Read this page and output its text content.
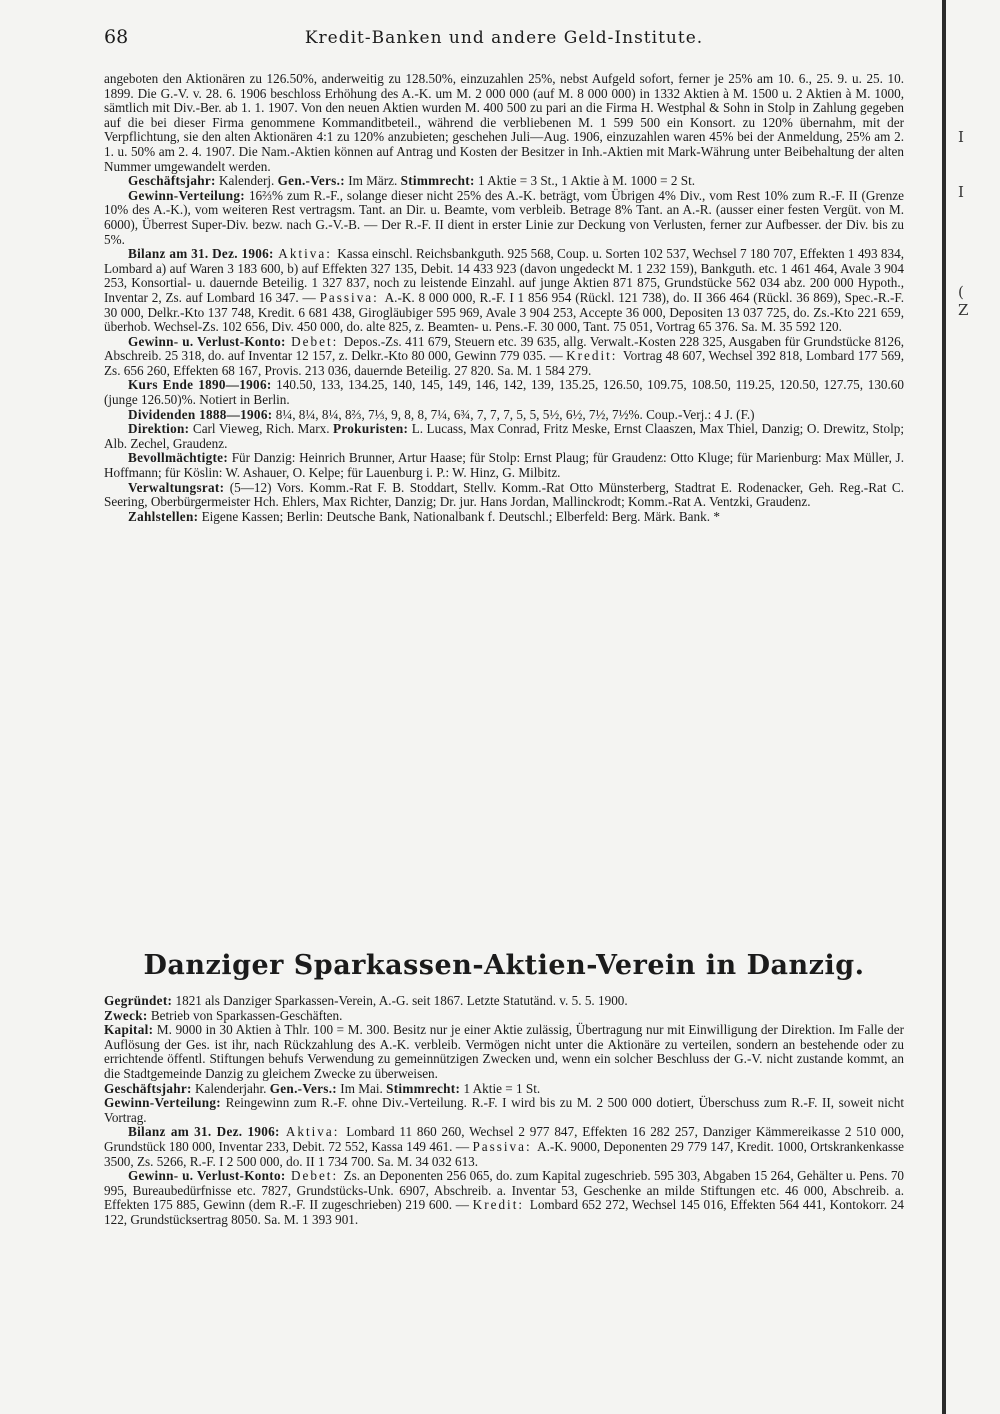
68	Kredit-Banken und andere Geld-Institute.
I
I
(
Z

angeboten den Aktionären zu 126.50%, anderweitig zu 128.50%, einzuzahlen 25%, nebst Aufgeld sofort, ferner je 25% am 10. 6., 25. 9. u. 25. 10. 1899. Die G.-V. v. 28. 6. 1906 beschloss Erhöhung des A.-K. um M. 2 000 000 (auf M. 8 000 000) in 1332 Aktien à M. 1500 u. 2 Aktien à M. 1000, sämtlich mit Div.-Ber. ab 1. 1. 1907. Von den neuen Aktien wurden M. 400 500 zu pari an die Firma H. Westphal & Sohn in Stolp in Zahlung gegeben auf die bei dieser Firma genommene Kommanditbeteil., während die verbliebenen M. 1 599 500 ein Konsort. zu 120% übernahm, mit der Verpflichtung, sie den alten Aktionären 4:1 zu 120% anzubieten; geschehen Juli—Aug. 1906, einzuzahlen waren 45% bei der Anmeldung, 25% am 2. 1. u. 50% am 2. 4. 1907. Die Nam.-Aktien können auf Antrag und Kosten der Besitzer in Inh.-Aktien mit Mark-Währung unter Beibehaltung der alten Nummer umgewandelt werden.

Geschäftsjahr: Kalenderj. Gen.-Vers.: Im März. Stimmrecht: 1 Aktie = 3 St., 1 Aktie à M. 1000 = 2 St.

Gewinn-Verteilung: 16⅔% zum R.-F., solange dieser nicht 25% des A.-K. beträgt, vom Übrigen 4% Div., vom Rest 10% zum R.-F. II (Grenze 10% des A.-K.), vom weiteren Rest vertragsm. Tant. an Dir. u. Beamte, vom verbleib. Betrage 8% Tant. an A.-R. (ausser einer festen Vergüt. von M. 6000), Überrest Super-Div. bezw. nach G.-V.-B. — Der R.-F. II dient in erster Linie zur Deckung von Verlusten, ferner zur Aufbesser. der Div. bis zu 5%.

Bilanz am 31. Dez. 1906: Aktiva: Kassa einschl. Reichsbankguth. 925 568, Coup. u. Sorten 102 537, Wechsel 7 180 707, Effekten 1 493 834, Lombard a) auf Waren 3 183 600, b) auf Effekten 327 135, Debit. 14 433 923 (davon ungedeckt M. 1 232 159), Bankguth. etc. 1 461 464, Avale 3 904 253, Konsortial- u. dauernde Beteilig. 1 327 837, noch zu leistende Einzahl. auf junge Aktien 871 875, Grundstücke 562 034 abz. 200 000 Hypoth., Inventar 2, Zs. auf Lombard 16 347. — Passiva: A.-K. 8 000 000, R.-F. I 1 856 954 (Rückl. 121 738), do. II 366 464 (Rückl. 36 869), Spec.-R.-F. 30 000, Delkr.-Kto 137 748, Kredit. 6 681 438, Girogläubiger 595 969, Avale 3 904 253, Accepte 36 000, Depositen 13 037 725, do. Zs.-Kto 221 659, überhob. Wechsel-Zs. 102 656, Div. 450 000, do. alte 825, z. Beamten- u. Pens.-F. 30 000, Tant. 75 051, Vortrag 65 376. Sa. M. 35 592 120.

Gewinn- u. Verlust-Konto: Debet: Depos.-Zs. 411 679, Steuern etc. 39 635, allg. Verwalt.-Kosten 228 325, Ausgaben für Grundstücke 8126, Abschreib. 25 318, do. auf Inventar 12 157, z. Delkr.-Kto 80 000, Gewinn 779 035. — Kredit: Vortrag 48 607, Wechsel 392 818, Lombard 177 569, Zs. 656 260, Effekten 68 167, Provis. 213 036, dauernde Beteilig. 27 820. Sa. M. 1 584 279.

Kurs Ende 1890—1906: 140.50, 133, 134.25, 140, 145, 149, 146, 142, 139, 135.25, 126.50, 109.75, 108.50, 119.25, 120.50, 127.75, 130.60 (junge 126.50)%. Notiert in Berlin.

Dividenden 1888—1906: 8¼, 8¼, 8¼, 8⅔, 7⅓, 9, 8, 8, 7¼, 6¾, 7, 7, 7, 5, 5, 5½, 6½, 7½, 7½%. Coup.-Verj.: 4 J. (F.)

Direktion: Carl Vieweg, Rich. Marx. Prokuristen: L. Lucass, Max Conrad, Fritz Meske, Ernst Claaszen, Max Thiel, Danzig; O. Drewitz, Stolp; Alb. Zechel, Graudenz.

Bevollmächtigte: Für Danzig: Heinrich Brunner, Artur Haase; für Stolp: Ernst Plaug; für Graudenz: Otto Kluge; für Marienburg: Max Müller, J. Hoffmann; für Köslin: W. Ashauer, O. Kelpe; für Lauenburg i. P.: W. Hinz, G. Milbitz.

Verwaltungsrat: (5—12) Vors. Komm.-Rat F. B. Stoddart, Stellv. Komm.-Rat Otto Münsterberg, Stadtrat E. Rodenacker, Geh. Reg.-Rat C. Seering, Oberbürgermeister Hch. Ehlers, Max Richter, Danzig; Dr. jur. Hans Jordan, Mallinckrodt; Komm.-Rat A. Ventzki, Graudenz.

Zahlstellen: Eigene Kassen; Berlin: Deutsche Bank, Nationalbank f. Deutschl.; Elberfeld: Berg. Märk. Bank. *

Danziger Sparkassen-Aktien-Verein in Danzig.

Gegründet: 1821 als Danziger Sparkassen-Verein, A.-G. seit 1867. Letzte Statutänd. v. 5. 5. 1900.

Zweck: Betrieb von Sparkassen-Geschäften.

Kapital: M. 9000 in 30 Aktien à Thlr. 100 = M. 300. Besitz nur je einer Aktie zulässig, Übertragung nur mit Einwilligung der Direktion. Im Falle der Auflösung der Ges. ist ihr, nach Rückzahlung des A.-K. verbleib. Vermögen nicht unter die Aktionäre zu verteilen, sondern an bestehende oder zu errichtende öffentl. Stiftungen behufs Verwendung zu gemeinnützigen Zwecken und, wenn ein solcher Beschluss der G.-V. nicht zustande kommt, an die Stadtgemeinde Danzig zu gleichem Zwecke zu überweisen.

Geschäftsjahr: Kalenderjahr. Gen.-Vers.: Im Mai. Stimmrecht: 1 Aktie = 1 St.

Gewinn-Verteilung: Reingewinn zum R.-F. ohne Div.-Verteilung. R.-F. I wird bis zu M. 2 500 000 dotiert, Überschuss zum R.-F. II, soweit nicht Vortrag.

Bilanz am 31. Dez. 1906: Aktiva: Lombard 11 860 260, Wechsel 2 977 847, Effekten 16 282 257, Danziger Kämmereikasse 2 510 000, Grundstück 180 000, Inventar 233, Debit. 72 552, Kassa 149 461. — Passiva: A.-K. 9000, Deponenten 29 779 147, Kredit. 1000, Ortskrankenkasse 3500, Zs. 5266, R.-F. I 2 500 000, do. II 1 734 700. Sa. M. 34 032 613.

Gewinn- u. Verlust-Konto: Debet: Zs. an Deponenten 256 065, do. zum Kapital zugeschrieb. 595 303, Abgaben 15 264, Gehälter u. Pens. 70 995, Bureaubedürfnisse etc. 7827, Grundstücks-Unk. 6907, Abschreib. a. Inventar 53, Geschenke an milde Stiftungen etc. 46 000, Abschreib. a. Effekten 175 885, Gewinn (dem R.-F. II zugeschrieben) 219 600. — Kredit: Lombard 652 272, Wechsel 145 016, Effekten 564 441, Kontokorr. 24 122, Grundstücksertrag 8050. Sa. M. 1 393 901.
